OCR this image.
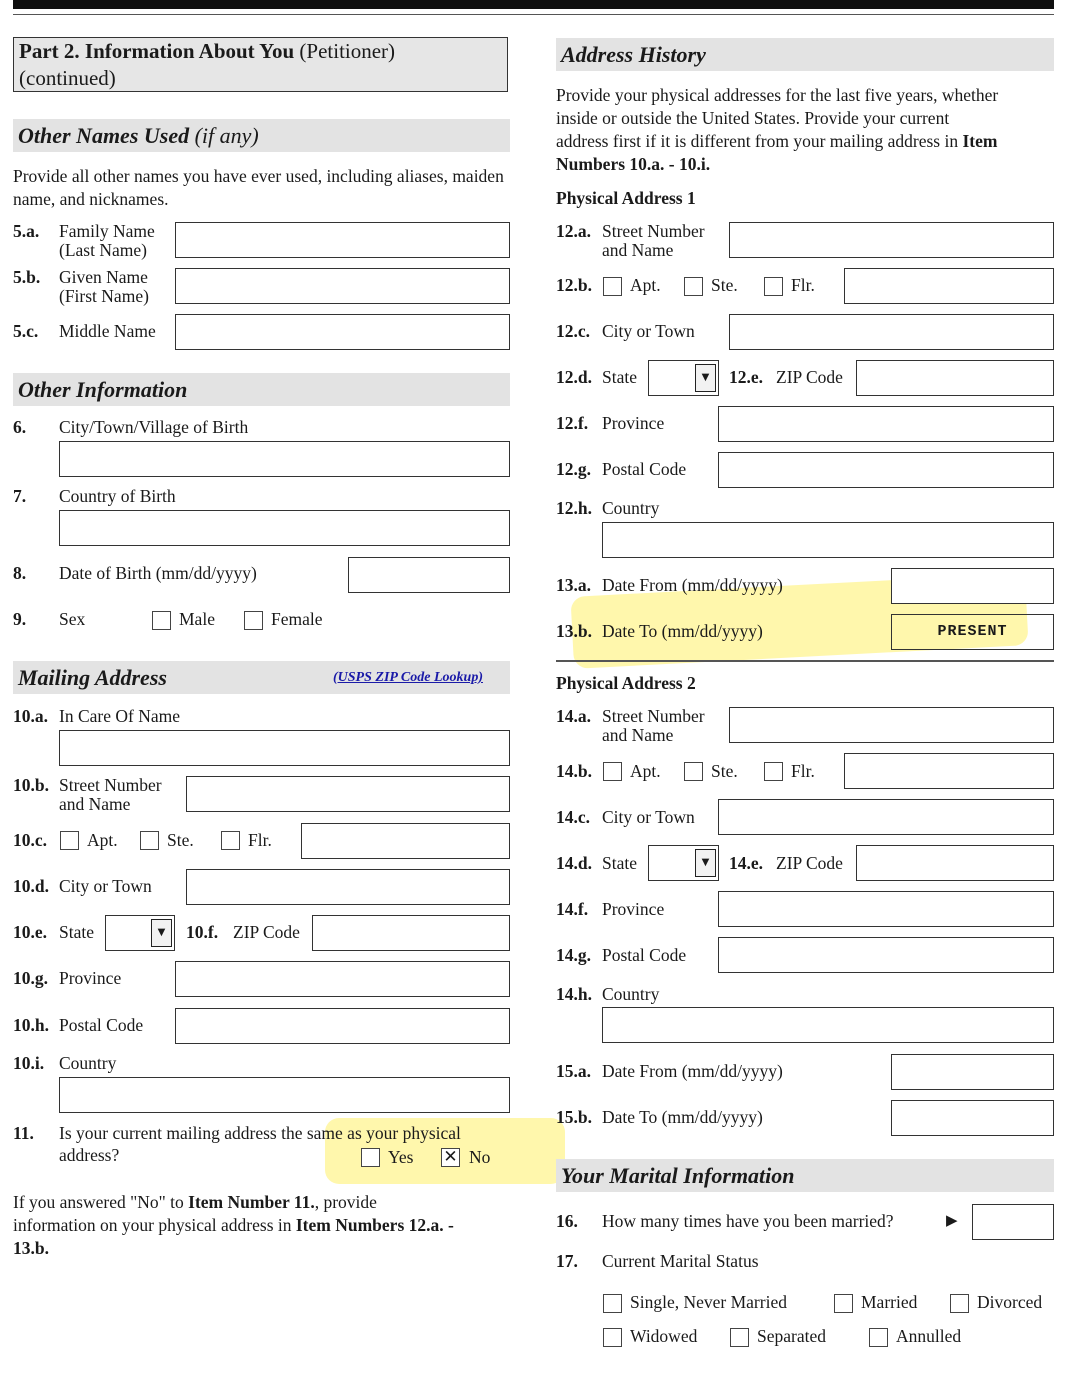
Part 2. Information About You (Petitioner)
(continued)
Other Names Used (if any)
Provide all other names you have ever used, including aliases, maiden name, and nicknames.
5.a. Family Name
(Last Name)
5.b. Given Name
(First Name)
5.c. Middle Name
Other Information
6. City/Town/Village of Birth
7. Country of Birth
8. Date of Birth (mm/dd/yyyy)
9. Sex	Male	Female
Mailing Address	(USPS ZIP Code Lookup)
10.a. In Care Of Name
10.b. Street Number
and Name
10.c. Apt.	Ste.	Flr.
10.d. City or Town
10.e. State	▼	10.f. ZIP Code
10.g. Province
10.h. Postal Code
10.i. Country
11. Is your current mailing address the same as your physical
address?	Yes ✕ No
If you answered "No" to Item Number 11., provide
information on your physical address in Item Numbers 12.a. -
13.b.
Address History
Provide your physical addresses for the last five years, whether
inside or outside the United States. Provide your current
address first if it is different from your mailing address in Item
Numbers 10.a. - 10.i.
Physical Address 1
12.a. Street Number
and Name
12.b. Apt.	Ste.	Flr.
12.c. City or Town
12.d. State	▼	12.e. ZIP Code
12.f. Province
12.g. Postal Code
12.h. Country
13.a. Date From (mm/dd/yyyy)
13.b. Date To (mm/dd/yyyy)	PRESENT
Physical Address 2
14.a. Street Number
and Name
14.b. Apt.	Ste.	Flr.
14.c. City or Town
14.d. State	▼	14.e. ZIP Code
14.f. Province
14.g. Postal Code
14.h. Country
15.a. Date From (mm/dd/yyyy)
15.b. Date To (mm/dd/yyyy)
Your Marital Information
16. How many times have you been married?	▶
17. Current Marital Status
Single, Never Married	Married	Divorced
Widowed	Separated	Annulled
